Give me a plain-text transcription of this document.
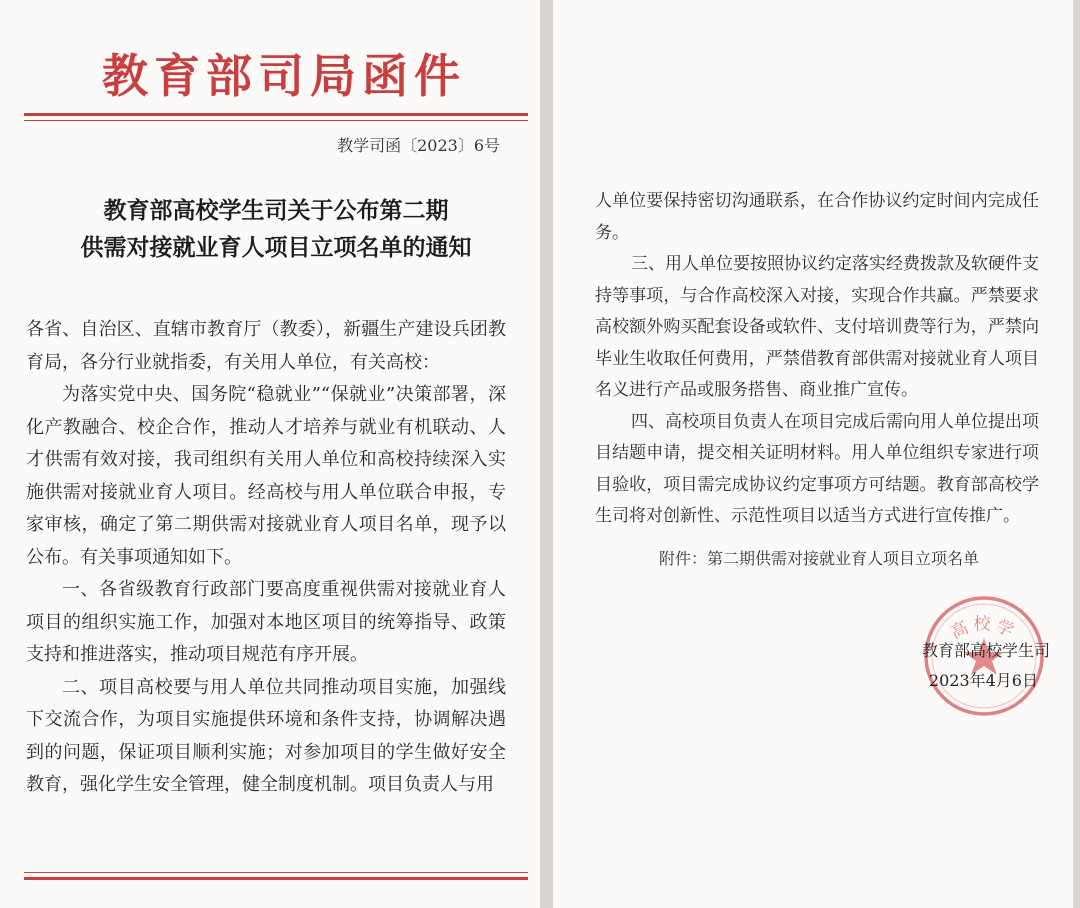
教育部司局函件
教学司函〔2023〕6号
教育部高校学生司关于公布第二期
供需对接就业育人项目立项名单的通知

各省、自治区、直辖市教育厅（教委），新疆生产建设兵团教育局，各分行业就指委，有关用人单位，有关高校：

为落实党中央、国务院“稳就业”“保就业”决策部署，深化产教融合、校企合作，推动人才培养与就业有机联动、人才供需有效对接，我司组织有关用人单位和高校持续深入实施供需对接就业育人项目。经高校与用人单位联合申报，专家审核，确定了第二期供需对接就业育人项目名单，现予以公布。有关事项通知如下。

一、各省级教育行政部门要高度重视供需对接就业育人项目的组织实施工作，加强对本地区项目的统筹指导、政策支持和推进落实，推动项目规范有序开展。

二、项目高校要与用人单位共同推动项目实施，加强线下交流合作，为项目实施提供环境和条件支持，协调解决遇到的问题，保证项目顺利实施；对参加项目的学生做好安全教育，强化学生安全管理，健全制度机制。项目负责人与用

人单位要保持密切沟通联系，在合作协议约定时间内完成任务。

三、用人单位要按照协议约定落实经费拨款及软硬件支持等事项，与合作高校深入对接，实现合作共赢。严禁要求高校额外购买配套设备或软件、支付培训费等行为，严禁向毕业生收取任何费用，严禁借教育部供需对接就业育人项目名义进行产品或服务搭售、商业推广宣传。

四、高校项目负责人在项目完成后需向用人单位提出项目结题申请，提交相关证明材料。用人单位组织专家进行项目验收，项目需完成协议约定事项方可结题。教育部高校学生司将对创新性、示范性项目以适当方式进行宣传推广。

附件：第二期供需对接就业育人项目立项名单
高校学
教育部高校学生司
2023年4月6日
